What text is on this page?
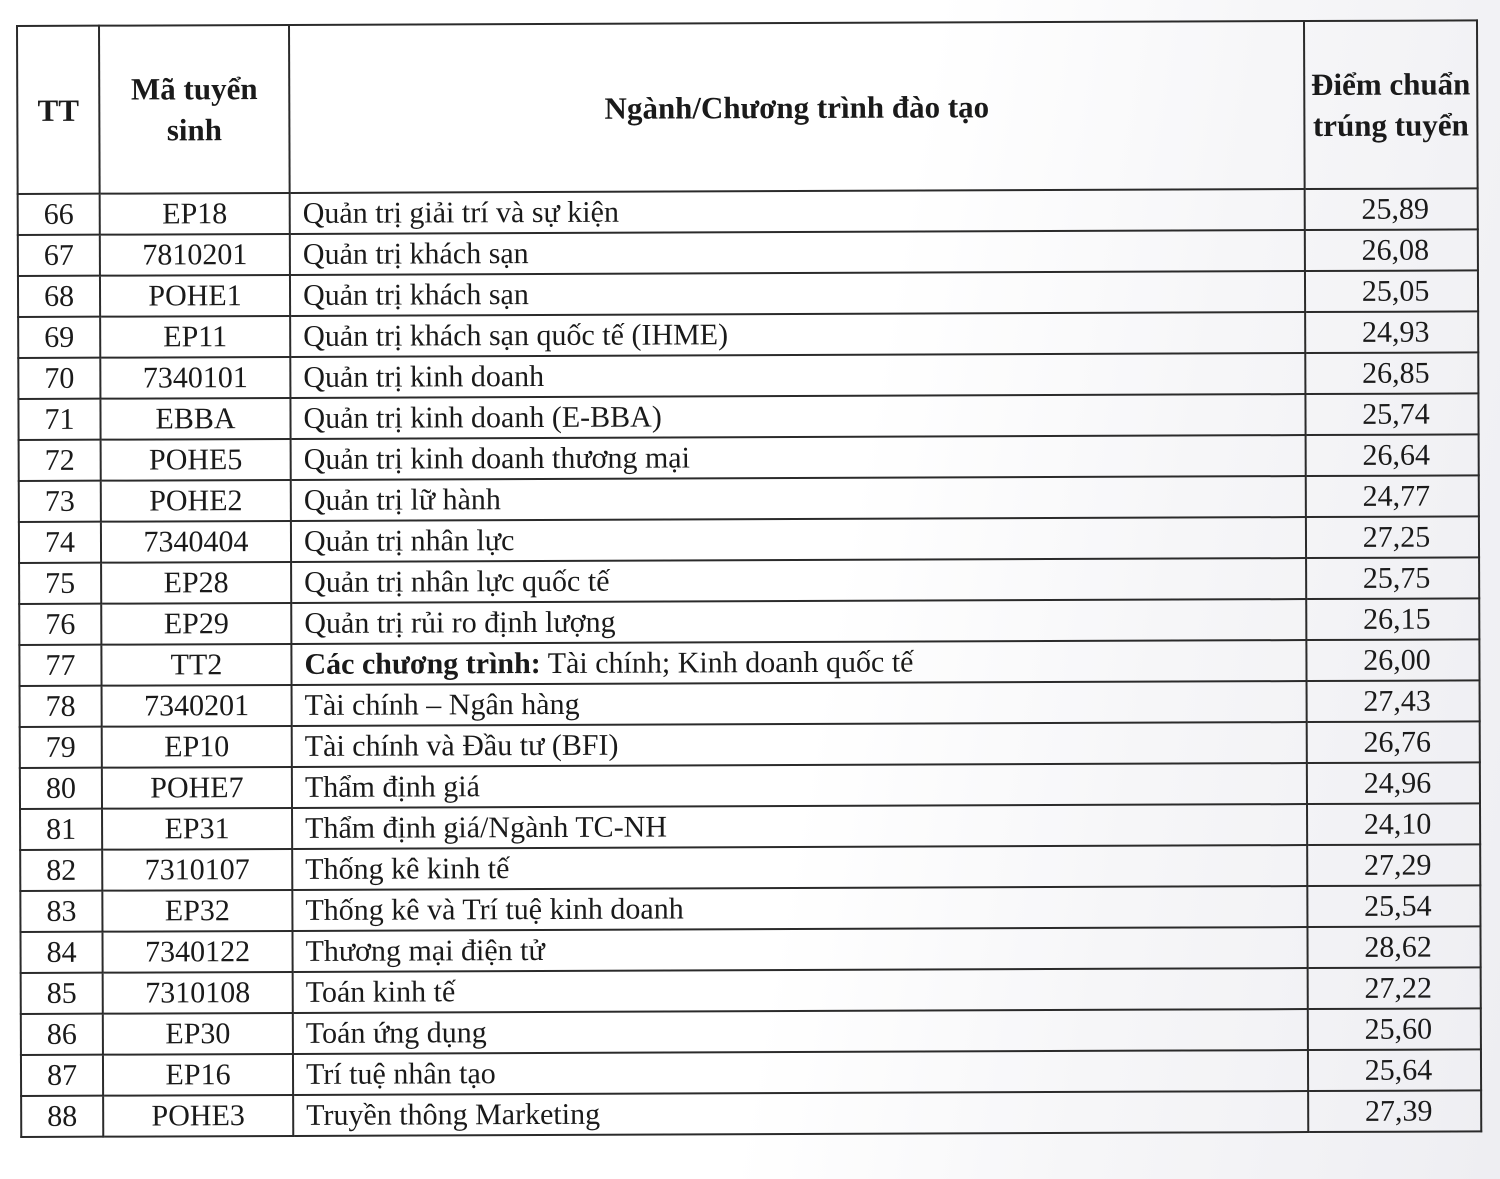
TT	Mã tuyển sinh	Ngành/Chương trình đào tạo	Điểm chuẩn trúng tuyển
66	EP18	Quản trị giải trí và sự kiện	25,89
67	7810201	Quản trị khách sạn	26,08
68	POHE1	Quản trị khách sạn	25,05
69	EP11	Quản trị khách sạn quốc tế (IHME)	24,93
70	7340101	Quản trị kinh doanh	26,85
71	EBBA	Quản trị kinh doanh (E-BBA)	25,74
72	POHE5	Quản trị kinh doanh thương mại	26,64
73	POHE2	Quản trị lữ hành	24,77
74	7340404	Quản trị nhân lực	27,25
75	EP28	Quản trị nhân lực quốc tế	25,75
76	EP29	Quản trị rủi ro định lượng	26,15
77	TT2	Các chương trình: Tài chính; Kinh doanh quốc tế	26,00
78	7340201	Tài chính – Ngân hàng	27,43
79	EP10	Tài chính và Đầu tư (BFI)	26,76
80	POHE7	Thẩm định giá	24,96
81	EP31	Thẩm định giá/Ngành TC-NH	24,10
82	7310107	Thống kê kinh tế	27,29
83	EP32	Thống kê và Trí tuệ kinh doanh	25,54
84	7340122	Thương mại điện tử	28,62
85	7310108	Toán kinh tế	27,22
86	EP30	Toán ứng dụng	25,60
87	EP16	Trí tuệ nhân tạo	25,64
88	POHE3	Truyền thông Marketing	27,39
